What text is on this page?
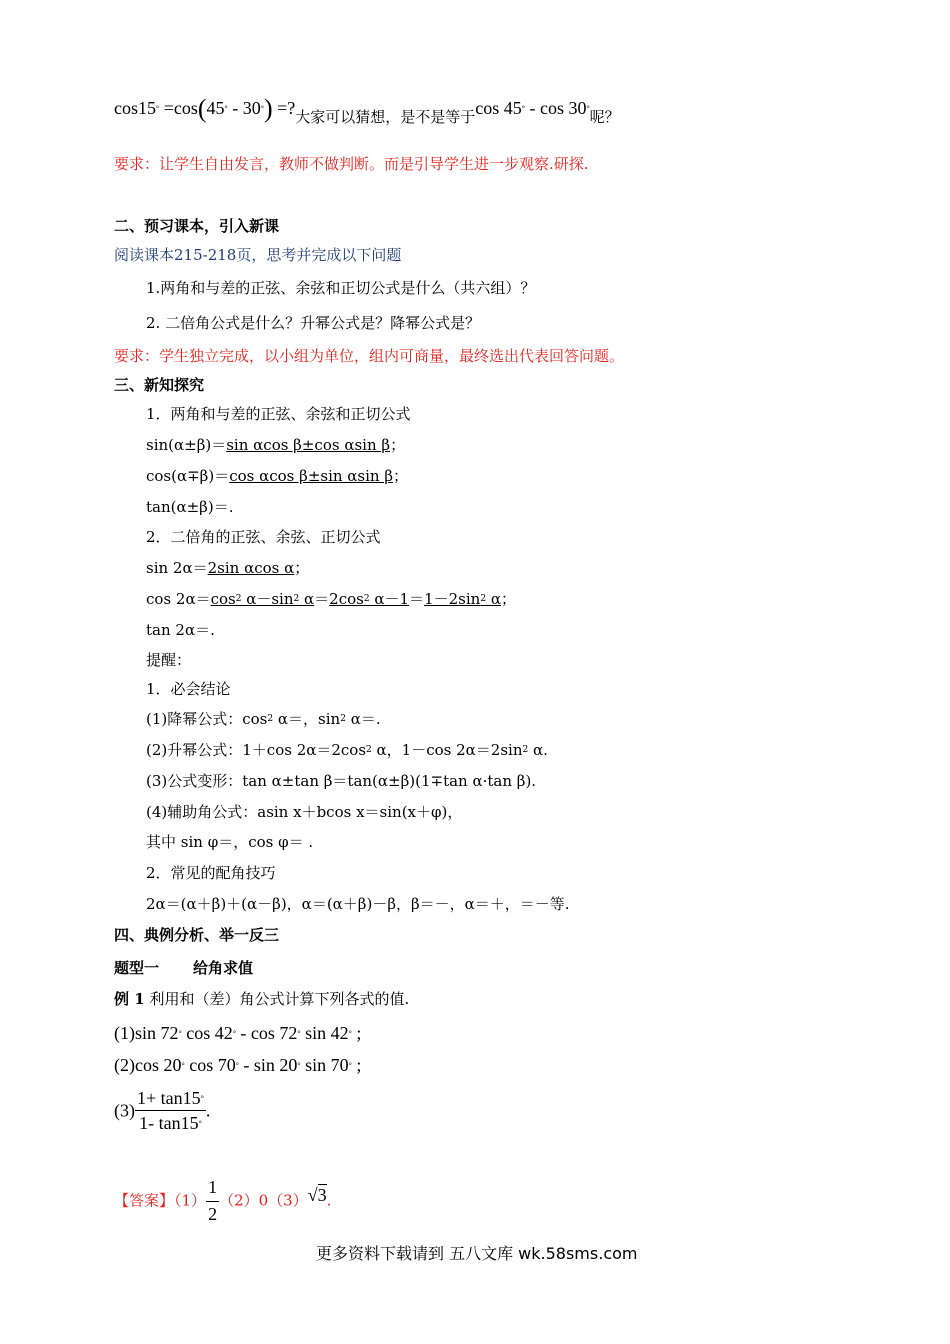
cos15° =cos(45° - 30°) =?大家可以猜想，是不是等于cos 45° - cos 30°呢？
要求：让学生自由发言，教师不做判断。而是引导学生进一步观察.研探.
二、预习课本，引入新课
阅读课本215-218页，思考并完成以下问题
1.两角和与差的正弦、余弦和正切公式是什么（共六组）？
2. 二倍角公式是什么？升幂公式是？降幂公式是？
要求：学生独立完成，以小组为单位，组内可商量，最终选出代表回答问题。
三、新知探究
1．两角和与差的正弦、余弦和正切公式
sin(α±β)＝sin αcos β±cos αsin β；
cos(α∓β)＝cos αcos β±sin αsin β；
tan(α±β)＝.
2．二倍角的正弦、余弦、正切公式
sin 2α＝2sin αcos α；
$\cos 2\alpha=\cos^2$ $\alpha-\sin^2$ $\alpha=2\cos^2$ $\alpha-1=1-2\sin^2$ α；
tan 2α＝.
提醒：
1．必会结论
(1)降幂公式：$\cos^2 \alpha=$，$\sin^2 \alpha=$.
(2)升幂公式：1＋cos $2\alpha=2\cos^2$ α，1－cos $2\alpha=2\sin^2$ α.
(3)公式变形：tan α±tan β＝tan(α±β)(1∓tan α·tan β).
(4)辅助角公式：asin x＋bcos x＝sin(x＋φ)，
其中 sin φ＝，cos φ＝ .
2．常见的配角技巧
2α＝(α＋β)＋(α－β)，α＝(α＋β)－β，β＝－，α＝＋，＝－等.
四、典例分析、举一反三
题型一 给角求值
例 1 利用和（差）角公式计算下列各式的值.
(1)sin 72° cos 42° - cos 72° sin 42° ;
(2)cos 20° cos 70° - sin 20° sin 70° ;
$(3) \frac{1+ \tan 15^\circ}{1- \tan 15^\circ}$ .
【答案】$(1) \frac{1}{2} (2)0(3)√3$.
更多资料下载请到 五八文库 wk.58sms.com
